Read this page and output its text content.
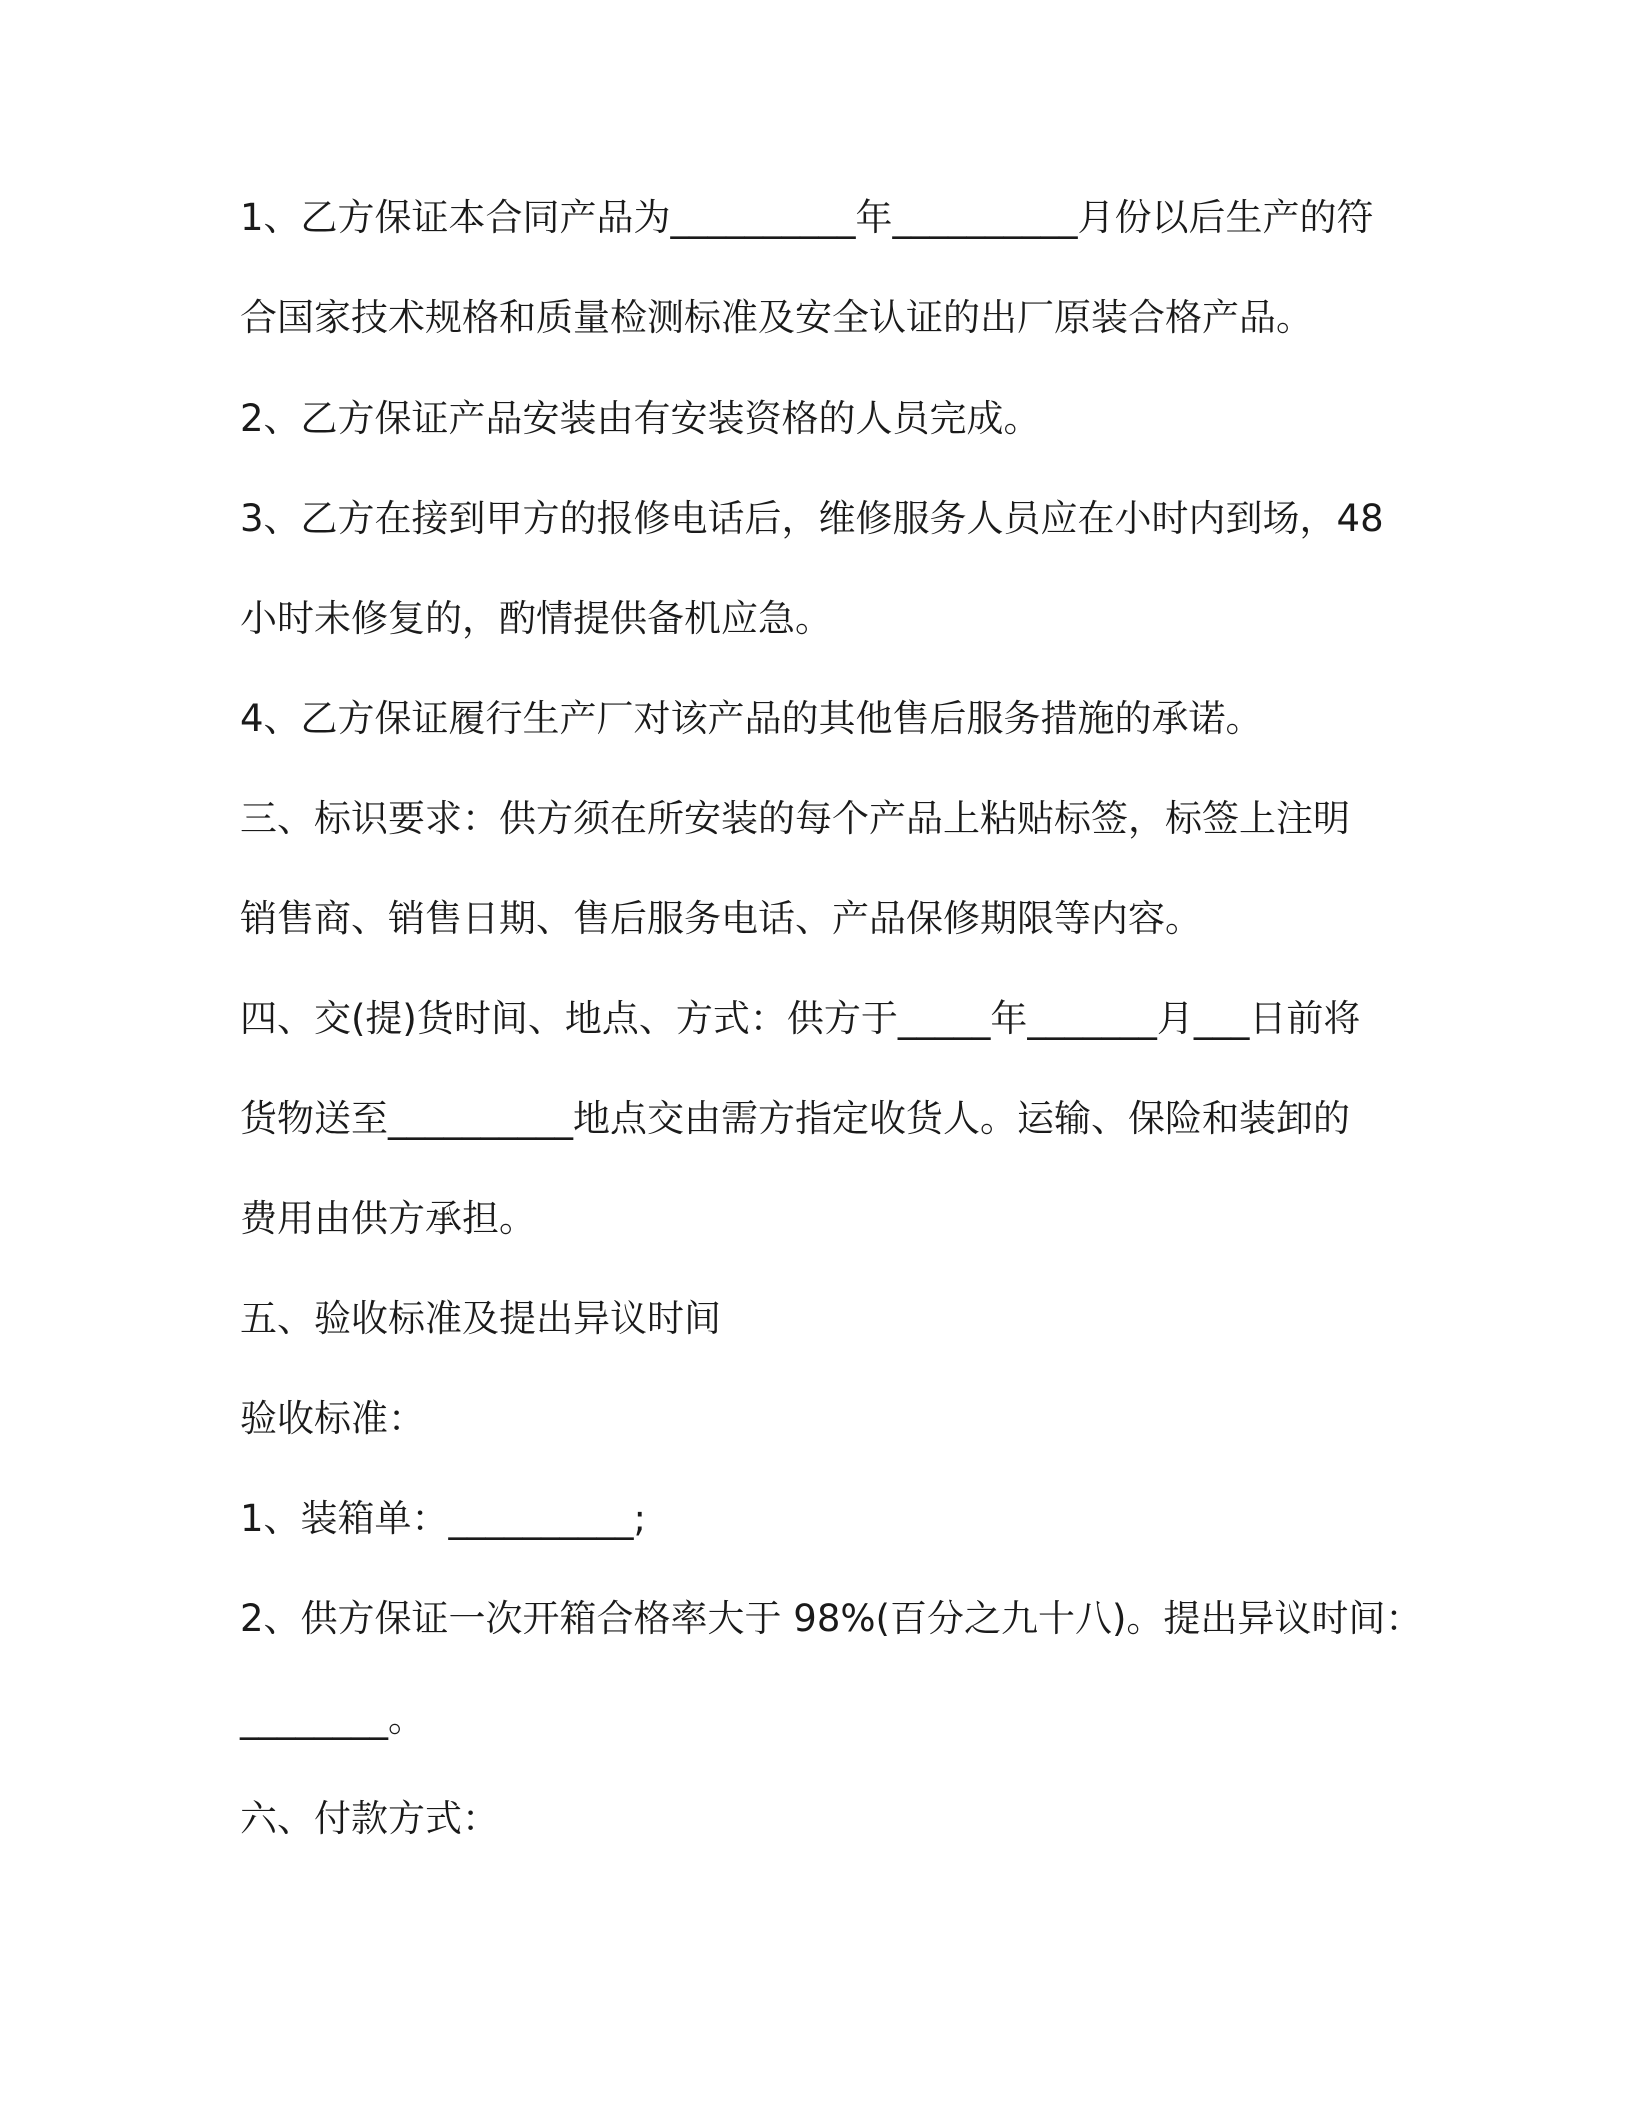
1、乙方保证本合同产品为__________年__________月份以后生产的符
合国家技术规格和质量检测标准及安全认证的出厂原装合格产品。
2、乙方保证产品安装由有安装资格的人员完成。
3、乙方在接到甲方的报修电话后，维修服务人员应在小时内到场，48
小时未修复的，酌情提供备机应急。
4、乙方保证履行生产厂对该产品的其他售后服务措施的承诺。
三、标识要求：供方须在所安装的每个产品上粘贴标签，标签上注明
销售商、销售日期、售后服务电话、产品保修期限等内容。
四、交(提)货时间、地点、方式：供方于_____年_______月___日前将
货物送至__________地点交由需方指定收货人。运输、保险和装卸的
费用由供方承担。
五、验收标准及提出异议时间
验收标准：
1、装箱单：__________;
2、供方保证一次开箱合格率大于 98%(百分之九十八)。提出异议时间：
________。
六、付款方式：
